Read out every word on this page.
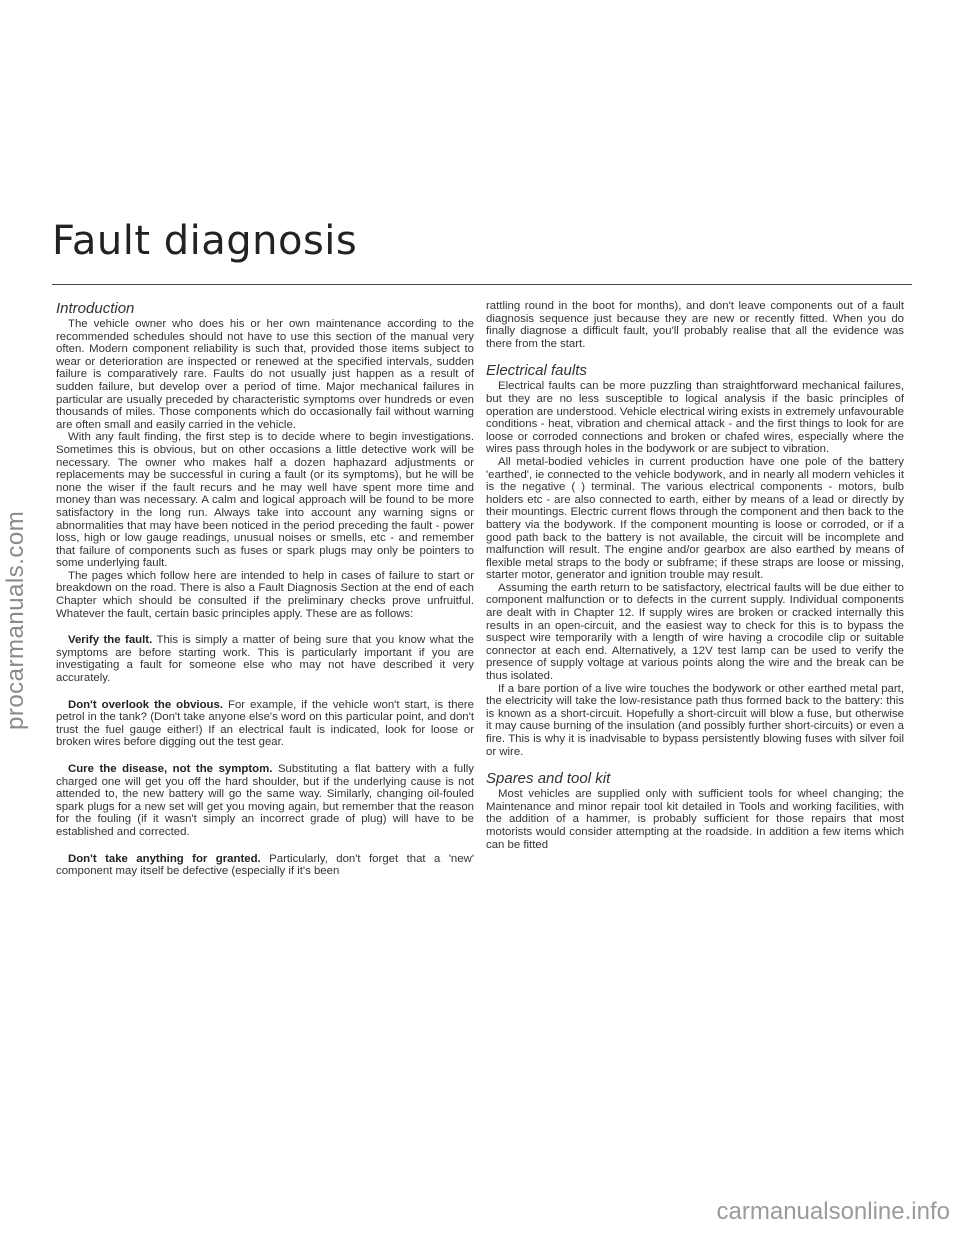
procarmanuals.com
Fault diagnosis
Introduction

The vehicle owner who does his or her own maintenance according to the recommended schedules should not have to use this section of the manual very often. Modern component reliability is such that, provided those items subject to wear or deterioration are inspected or renewed at the specified intervals, sudden failure is comparatively rare. Faults do not usually just happen as a result of sudden failure, but develop over a period of time. Major mechanical failures in particular are usually preceded by characteristic symptoms over hundreds or even thousands of miles. Those components which do occasionally fail without warning are often small and easily carried in the vehicle.

With any fault finding, the first step is to decide where to begin investigations. Sometimes this is obvious, but on other occasions a little detective work will be necessary. The owner who makes half a dozen haphazard adjustments or replacements may be successful in curing a fault (or its symptoms), but he will be none the wiser if the fault recurs and he may well have spent more time and money than was necessary. A calm and logical approach will be found to be more satisfactory in the long run. Always take into account any warning signs or abnormalities that may have been noticed in the period preceding the fault - power loss, high or low gauge readings, unusual noises or smells, etc - and remember that failure of components such as fuses or spark plugs may only be pointers to some underlying fault.

The pages which follow here are intended to help in cases of failure to start or breakdown on the road. There is also a Fault Diagnosis Section at the end of each Chapter which should be consulted if the preliminary checks prove unfruitful. Whatever the fault, certain basic principles apply. These are as follows:

Verify the fault. This is simply a matter of being sure that you know what the symptoms are before starting work. This is particularly important if you are investigating a fault for someone else who may not have described it very accurately.

Don't overlook the obvious. For example, if the vehicle won't start, is there petrol in the tank? (Don't take anyone else's word on this particular point, and don't trust the fuel gauge either!) If an electrical fault is indicated, look for loose or broken wires before digging out the test gear.

Cure the disease, not the symptom. Substituting a flat battery with a fully charged one will get you off the hard shoulder, but if the underlying cause is not attended to, the new battery will go the same way. Similarly, changing oil-fouled spark plugs for a new set will get you moving again, but remember that the reason for the fouling (if it wasn't simply an incorrect grade of plug) will have to be established and corrected.

Don't take anything for granted. Particularly, don't forget that a 'new' component may itself be defective (especially if it's been

rattling round in the boot for months), and don't leave components out of a fault diagnosis sequence just because they are new or recently fitted. When you do finally diagnose a difficult fault, you'll probably realise that all the evidence was there from the start.

Electrical faults

Electrical faults can be more puzzling than straightforward mechanical failures, but they are no less susceptible to logical analysis if the basic principles of operation are understood. Vehicle electrical wiring exists in extremely unfavourable conditions - heat, vibration and chemical attack - and the first things to look for are loose or corroded connections and broken or chafed wires, especially where the wires pass through holes in the bodywork or are subject to vibration.

All metal-bodied vehicles in current production have one pole of the battery 'earthed', ie connected to the vehicle bodywork, and in nearly all modern vehicles it is the negative ( ) terminal. The various electrical components - motors, bulb holders etc - are also connected to earth, either by means of a lead or directly by their mountings. Electric current flows through the component and then back to the battery via the bodywork. If the component mounting is loose or corroded, or if a good path back to the battery is not available, the circuit will be incomplete and malfunction will result. The engine and/or gearbox are also earthed by means of flexible metal straps to the body or subframe; if these straps are loose or missing, starter motor, generator and ignition trouble may result.

Assuming the earth return to be satisfactory, electrical faults will be due either to component malfunction or to defects in the current supply. Individual components are dealt with in Chapter 12. If supply wires are broken or cracked internally this results in an open-circuit, and the easiest way to check for this is to bypass the suspect wire temporarily with a length of wire having a crocodile clip or suitable connector at each end. Alternatively, a 12V test lamp can be used to verify the presence of supply voltage at various points along the wire and the break can be thus isolated.

If a bare portion of a live wire touches the bodywork or other earthed metal part, the electricity will take the low-resistance path thus formed back to the battery: this is known as a short-circuit. Hopefully a short-circuit will blow a fuse, but otherwise it may cause burning of the insulation (and possibly further short-circuits) or even a fire. This is why it is inadvisable to bypass persistently blowing fuses with silver foil or wire.

Spares and tool kit

Most vehicles are supplied only with sufficient tools for wheel changing; the Maintenance and minor repair tool kit detailed in Tools and working facilities, with the addition of a hammer, is probably sufficient for those repairs that most motorists would consider attempting at the roadside. In addition a few items which can be fitted

carmanualsonline.info
